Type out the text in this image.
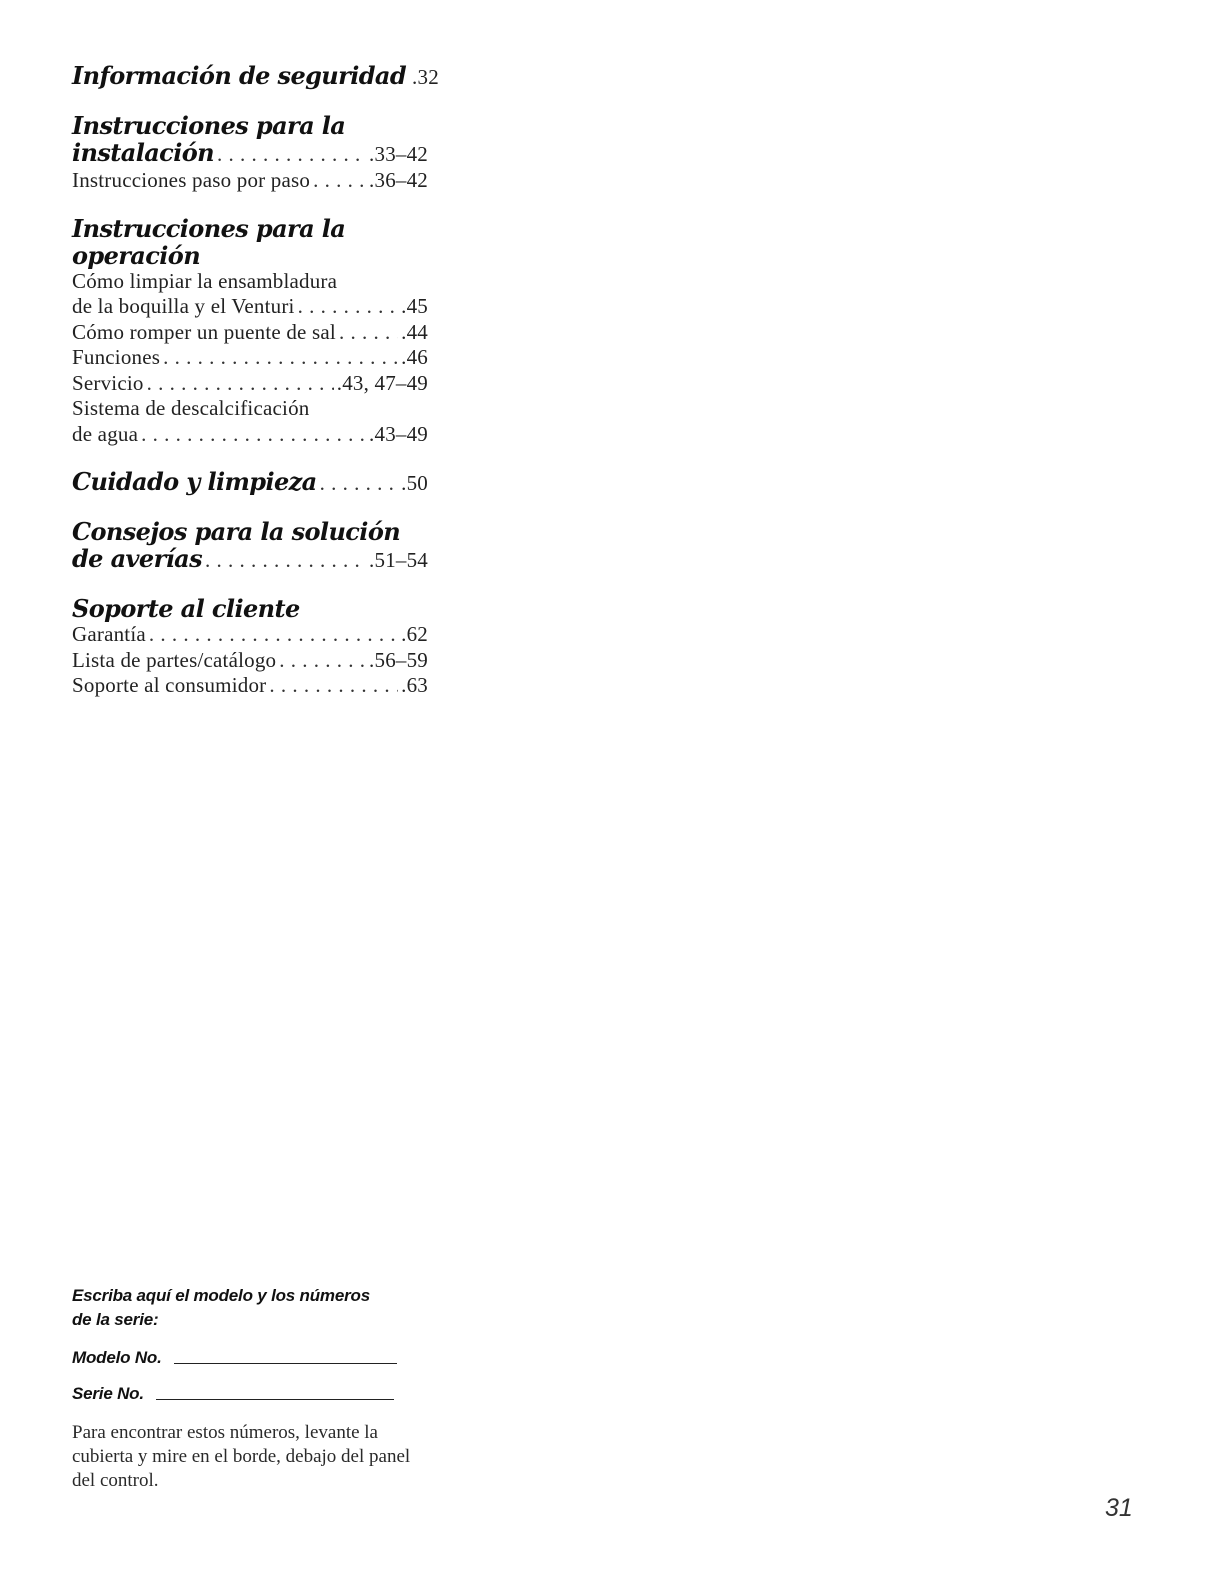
Información de seguridad .32
Instrucciones para la
instalación . . .	.33–42
Instrucciones paso por paso . . .	.36–42
Instrucciones para la operación
Cómo limpiar la ensambladura
de la boquilla y el Venturi . . .	.45
Cómo romper un puente de sal . . .	.44
Funciones . . .	.46
Servicio . . .	.43, 47–49
Sistema de descalcificación
de agua . . .	.43–49
Cuidado y limpieza . . .	.50
Consejos para la solución
de averías . . .	.51–54
Soporte al cliente
Garantía . . .	.62
Lista de partes/catálogo . . .	.56–59
Soporte al consumidor . . .	.63
Escriba aquí el modelo y los números
de la serie:
Modelo No.
Serie No.
Para encontrar estos números, levante la cubierta y mire en el borde, debajo del panel del control.
31
